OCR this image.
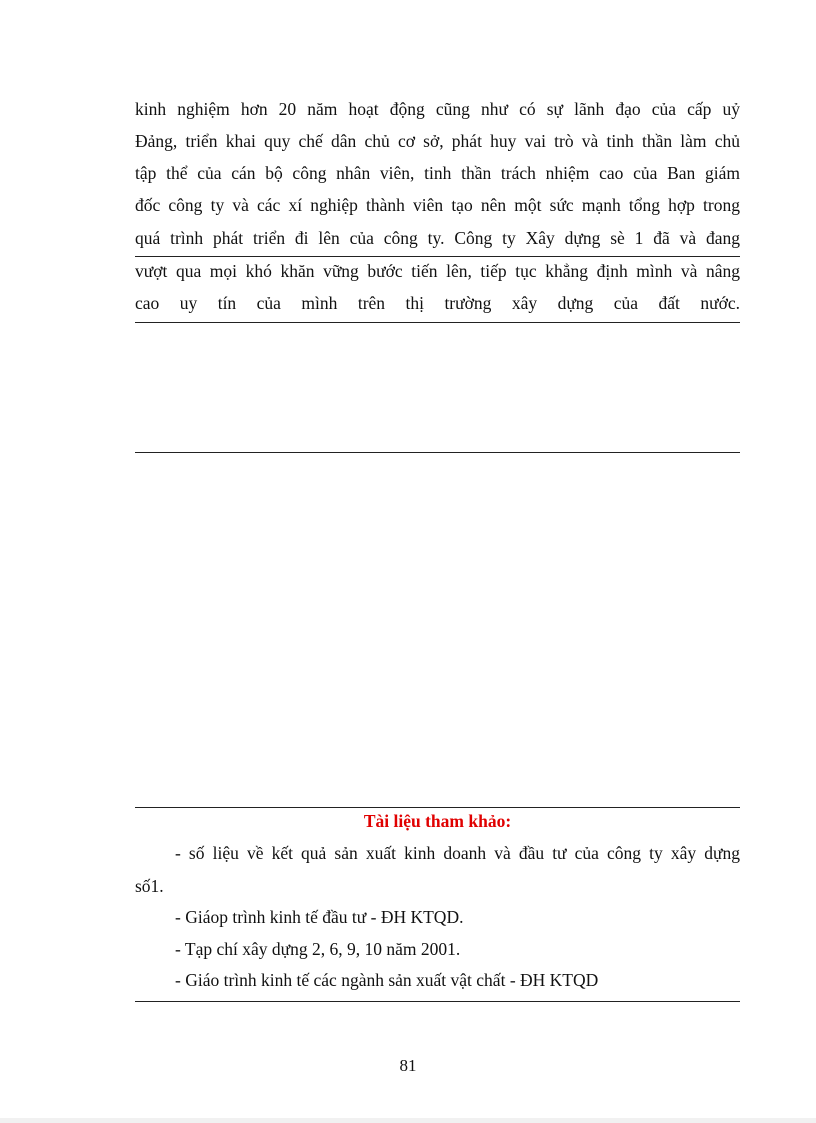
kinh nghiệm hơn 20 năm hoạt động cũng như có sự lãnh đạo của cấp uỷ
Đảng, triển khai quy chế dân chủ cơ sở, phát huy vai trò và tinh thần làm chủ
tập thể của cán bộ công nhân viên, tinh thần trách nhiệm cao của Ban giám
đốc công ty và các xí nghiệp thành viên tạo nên một sức mạnh tổng hợp trong
quá trình phát triển đi lên của công ty. Công ty Xây dựng sè 1 đã và đang
vượt qua mọi khó khăn vững bước tiến lên, tiếp tục khẳng định mình và nâng
cao uy tín của mình trên thị trường xây dựng của đất nước.
Tài liệu tham khảo:
- số liệu về kết quả sản xuất kinh doanh và đầu tư của công ty xây dựng
số1.
- Giáop trình kinh tế đầu tư - ĐH KTQD.
- Tạp chí xây dựng 2, 6, 9, 10 năm 2001.
- Giáo trình kinh tế các ngành sản xuất vật chất - ĐH KTQD
81
